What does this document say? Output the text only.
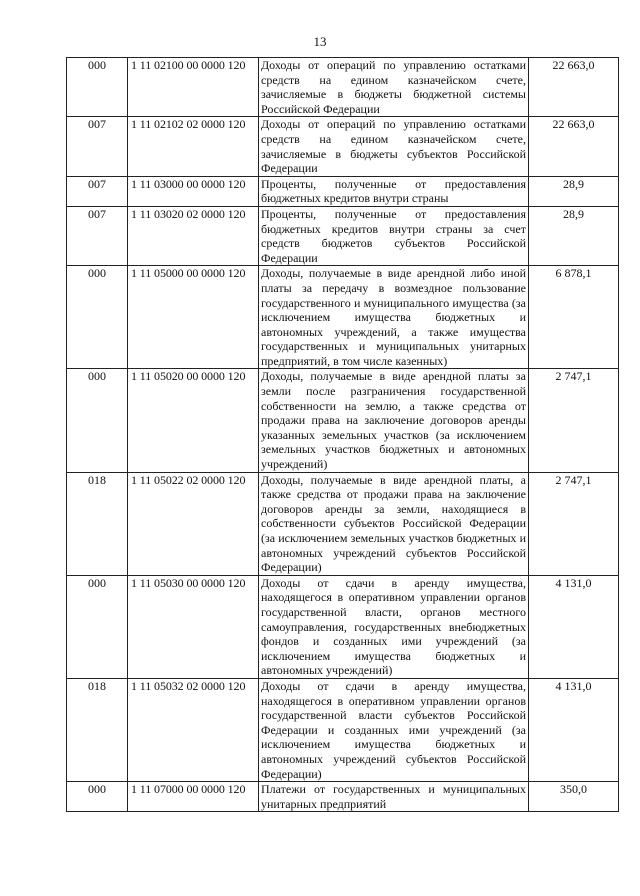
13
000	1 11 02100 00 0000 120	Доходы от операций по управлению остатками средств на едином казначейском счете, зачисляемые в бюджеты бюджетной системы Российской Федерации	22 663,0
007	1 11 02102 02 0000 120	Доходы от операций по управлению остатками средств на едином казначейском счете, зачисляемые в бюджеты субъектов Российской Федерации	22 663,0
007	1 11 03000 00 0000 120	Проценты, полученные от предоставления бюджетных кредитов внутри страны	28,9
007	1 11 03020 02 0000 120	Проценты, полученные от предоставления бюджетных кредитов внутри страны за счет средств бюджетов субъектов Российской Федерации	28,9
000	1 11 05000 00 0000 120	Доходы, получаемые в виде арендной либо иной платы за передачу в возмездное пользование государственного и муниципального имущества (за исключением имущества бюджетных и автономных учреждений, а также имущества государственных и муниципальных унитарных предприятий, в том числе казенных)	6 878,1
000	1 11 05020 00 0000 120	Доходы, получаемые в виде арендной платы за земли после разграничения государственной собственности на землю, а также средства от продажи права на заключение договоров аренды указанных земельных участков (за исключением земельных участков бюджетных и автономных учреждений)	2 747,1
018	1 11 05022 02 0000 120	Доходы, получаемые в виде арендной платы, а также средства от продажи права на заключение договоров аренды за земли, находящиеся в собственности субъектов Российской Федерации (за исключением земельных участков бюджетных и автономных учреждений субъектов Российской Федерации)	2 747,1
000	1 11 05030 00 0000 120	Доходы от сдачи в аренду имущества, находящегося в оперативном управлении органов государственной власти, органов местного самоуправления, государственных внебюджетных фондов и созданных ими учреждений (за исключением имущества бюджетных и автономных учреждений)	4 131,0
018	1 11 05032 02 0000 120	Доходы от сдачи в аренду имущества, находящегося в оперативном управлении органов государственной власти субъектов Российской Федерации и созданных ими учреждений (за исключением имущества бюджетных и автономных учреждений субъектов Российской Федерации)	4 131,0
000	1 11 07000 00 0000 120	Платежи от государственных и муниципальных унитарных предприятий	350,0
